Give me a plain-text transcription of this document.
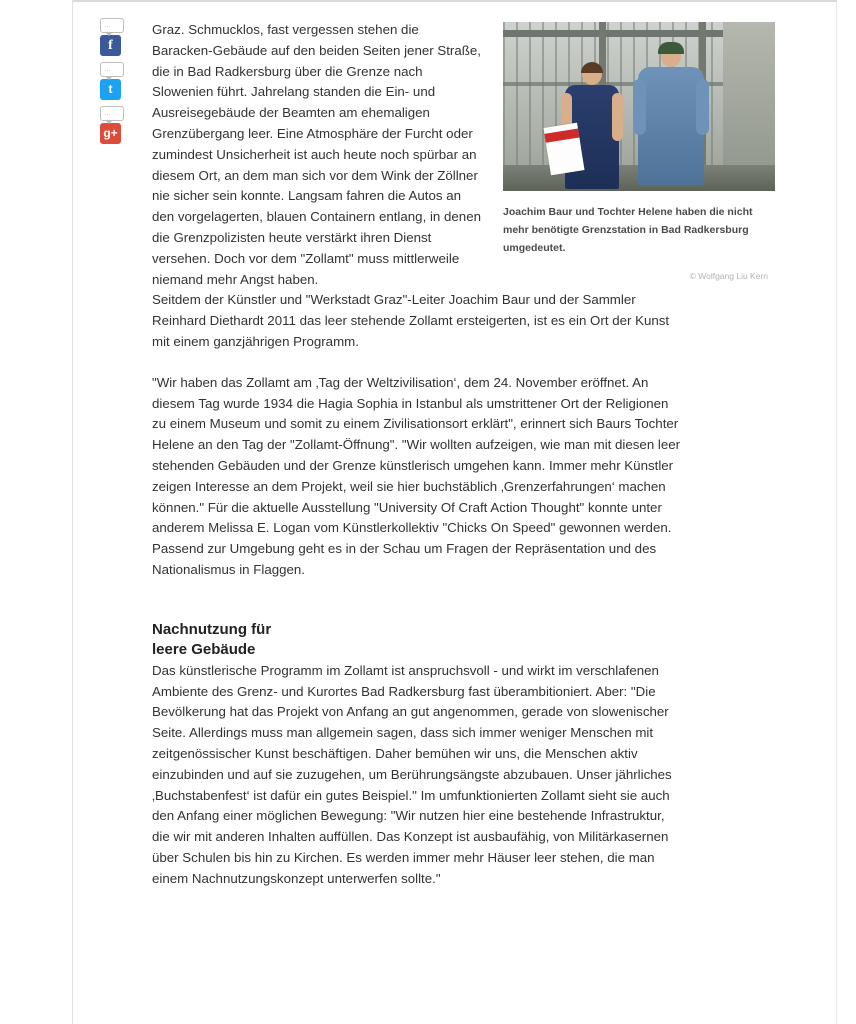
…
f
…
t
…
g+
Joachim Baur und Tochter Helene haben die nicht mehr benötigte Grenzstation in Bad Radkersburg umgedeutet.
© Wolfgang Liu Kern

Graz. Schmucklos, fast vergessen stehen die Baracken-Gebäude auf den beiden Seiten jener Straße, die in Bad Radkersburg über die Grenze nach Slowenien führt. Jahrelang standen die Ein- und Ausreisegebäude der Beamten am ehemaligen Grenzübergang leer. Eine Atmosphäre der Furcht oder zumindest Unsicherheit ist auch heute noch spürbar an diesem Ort, an dem man sich vor dem Wink der Zöllner nie sicher sein konnte. Langsam fahren die Autos an den vorgelagerten, blauen Containern entlang, in denen die Grenzpolizisten heute verstärkt ihren Dienst versehen. Doch vor dem "Zollamt" muss mittlerweile niemand mehr Angst haben.

Seitdem der Künstler und "Werkstadt Graz"-Leiter Joachim Baur und der Sammler Reinhard Diethardt 2011 das leer stehende Zollamt ersteigerten, ist es ein Ort der Kunst mit einem ganzjährigen Programm.

"Wir haben das Zollamt am ‚Tag der Weltzivilisation‘, dem 24. November eröffnet. An diesem Tag wurde 1934 die Hagia Sophia in Istanbul als umstrittener Ort der Religionen zu einem Museum und somit zu einem Zivilisationsort erklärt", erinnert sich Baurs Tochter Helene an den Tag der "Zollamt-Öffnung". "Wir wollten aufzeigen, wie man mit diesen leer stehenden Gebäuden und der Grenze künstlerisch umgehen kann. Immer mehr Künstler zeigen Interesse an dem Projekt, weil sie hier buchstäblich ‚Grenzerfahrungen‘ machen können." Für die aktuelle Ausstellung "University Of Craft Action Thought" konnte unter anderem Melissa E. Logan vom Künstlerkollektiv "Chicks On Speed" gewonnen werden. Passend zur Umgebung geht es in der Schau um Fragen der Repräsentation und des Nationalismus in Flaggen.

Nachnutzung für
leere Gebäude

Das künstlerische Programm im Zollamt ist anspruchsvoll - und wirkt im verschlafenen Ambiente des Grenz- und Kurortes Bad Radkersburg fast überambitioniert. Aber: "Die Bevölkerung hat das Projekt von Anfang an gut angenommen, gerade von slowenischer Seite. Allerdings muss man allgemein sagen, dass sich immer weniger Menschen mit zeitgenössischer Kunst beschäftigen. Daher bemühen wir uns, die Menschen aktiv einzubinden und auf sie zuzugehen, um Berührungsängste abzubauen. Unser jährliches ‚Buchstabenfest‘ ist dafür ein gutes Beispiel." Im umfunktionierten Zollamt sieht sie auch den Anfang einer möglichen Bewegung: "Wir nutzen hier eine bestehende Infrastruktur, die wir mit anderen Inhalten auffüllen. Das Konzept ist ausbaufähig, von Militärkasernen über Schulen bis hin zu Kirchen. Es werden immer mehr Häuser leer stehen, die man einem Nachnutzungskonzept unterwerfen sollte."
